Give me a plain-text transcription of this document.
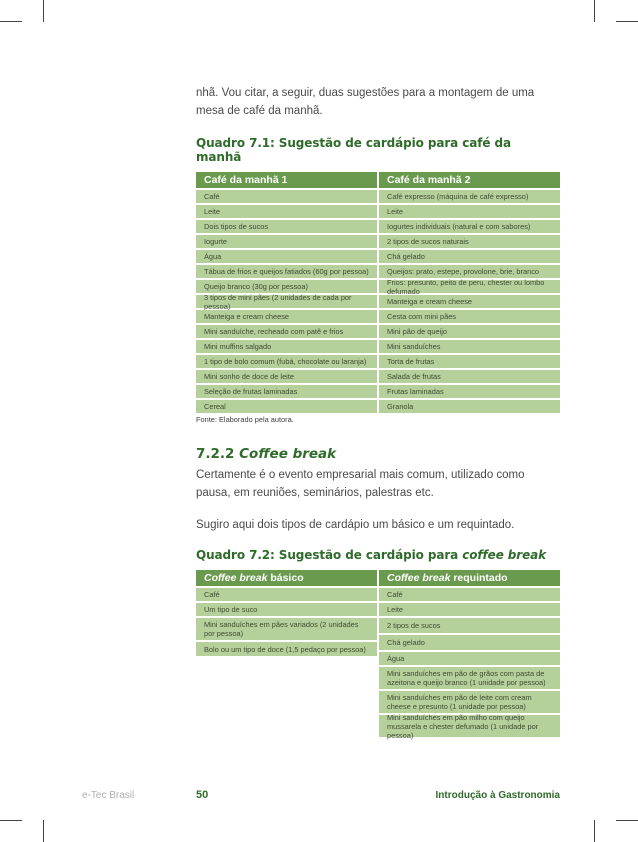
nhã. Vou citar, a seguir, duas sugestões para a montagem de uma mesa de café da manhã.

Quadro 7.1: Sugestão de cardápio para café da manhã
Café da manhã 1
Café
Leite
Dois tipos de sucos
Iogurte
Água
Tábua de frios e queijos fatiados (60g por pessoa)
Queijo branco (30g por pessoa)
3 tipos de mini pães (2 unidades de cada por pessoa)
Manteiga e cream cheese
Mini sanduíche, recheado com patê e frios
Mini muffins salgado
1 tipo de bolo comum (fubá, chocolate ou laranja)
Mini sonho de doce de leite
Seleção de frutas laminadas
Cereal
Café da manhã 2
Café expresso (máquina de café expresso)
Leite
Iogurtes individuais (natural e com sabores)
2 tipos de sucos naturais
Chá gelado
Queijos: prato, estepe, provolone, brie, branco
Frios: presunto, peito de peru, chester ou lombo defumado
Manteiga e cream cheese
Cesta com mini pães
Mini pão de queijo
Mini sanduíches
Torta de frutas
Salada de frutas
Frutas laminadas
Granola
Fonte: Elaborado pela autora.
7.2.2 Coffee break

Certamente é o evento empresarial mais comum, utilizado como pausa, em reuniões, seminários, palestras etc.

Sugiro aqui dois tipos de cardápio um básico e um requintado.

Quadro 7.2: Sugestão de cardápio para coffee break
Coffee break básico
Café
Um tipo de suco
Mini sanduíches em pães variados (2 unidades por pessoa)
Bolo ou um tipo de doce (1,5 pedaço por pessoa)
Coffee break requintado
Café
Leite
2 tipos de sucos
Chá gelado
Água
Mini sanduíches em pão de grãos com pasta de azeitona e queijo branco (1 unidade por pessoa)
Mini sanduíches em pão de leite com cream cheese e presunto (1 unidade por pessoa)
Mini sanduíches em pão milho com queijo mussarela e chester defumado (1 unidade por pessoa)
e-Tec Brasil	50	Introdução à Gastronomia
